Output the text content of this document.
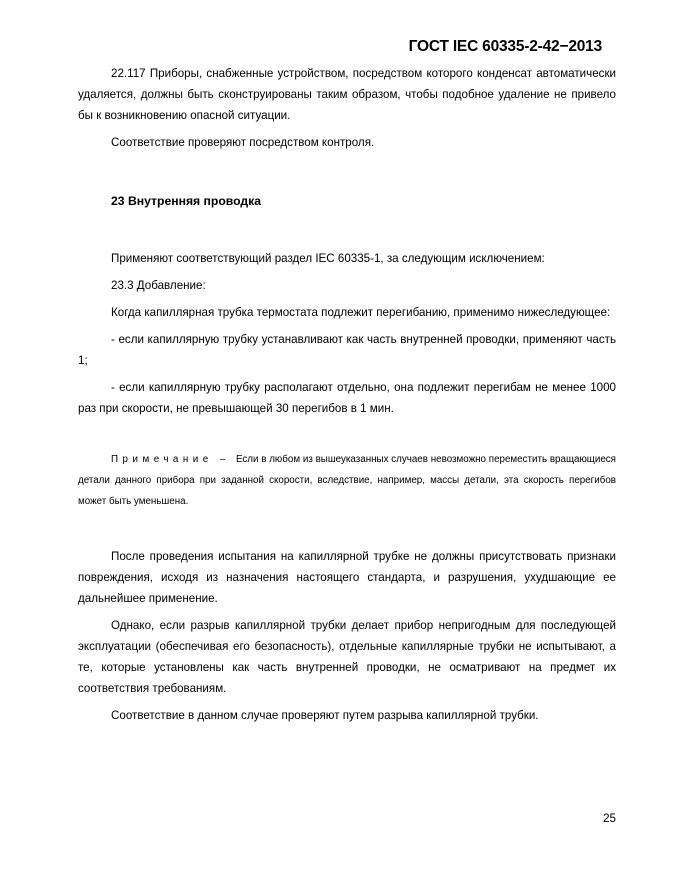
ГОСТ IEC 60335-2-42−2013

22.117 Приборы, снабженные устройством, посредством которого конденсат автоматически удаляется, должны быть сконструированы таким образом, чтобы подобное удаление не привело бы к возникновению опасной ситуации.

Соответствие проверяют посредством контроля.

23 Внутренняя проводка

Применяют соответствующий раздел IEC 60335-1, за следующим исключением:

23.3 Добавление:

Когда капиллярная трубка термостата подлежит перегибанию, применимо нижеследующее:

- если капиллярную трубку устанавливают как часть внутренней проводки, применяют часть 1;

- если капиллярную трубку располагают отдельно, она подлежит перегибам не менее 1000 раз при скорости, не превышающей 30 перегибов в 1 мин.

Примечание – Если в любом из вышеуказанных случаев невозможно переместить вращающиеся детали данного прибора при заданной скорости, вследствие, например, массы детали, эта скорость перегибов может быть уменьшена.

После проведения испытания на капиллярной трубке не должны присутствовать признаки повреждения, исходя из назначения настоящего стандарта, и разрушения, ухудшающие ее дальнейшее применение.

Однако, если разрыв капиллярной трубки делает прибор непригодным для последующей эксплуатации (обеспечивая его безопасность), отдельные капиллярные трубки не испытывают, а те, которые установлены как часть внутренней проводки, не осматривают на предмет их соответствия требованиям.

Соответствие в данном случае проверяют путем разрыва капиллярной трубки.

25
